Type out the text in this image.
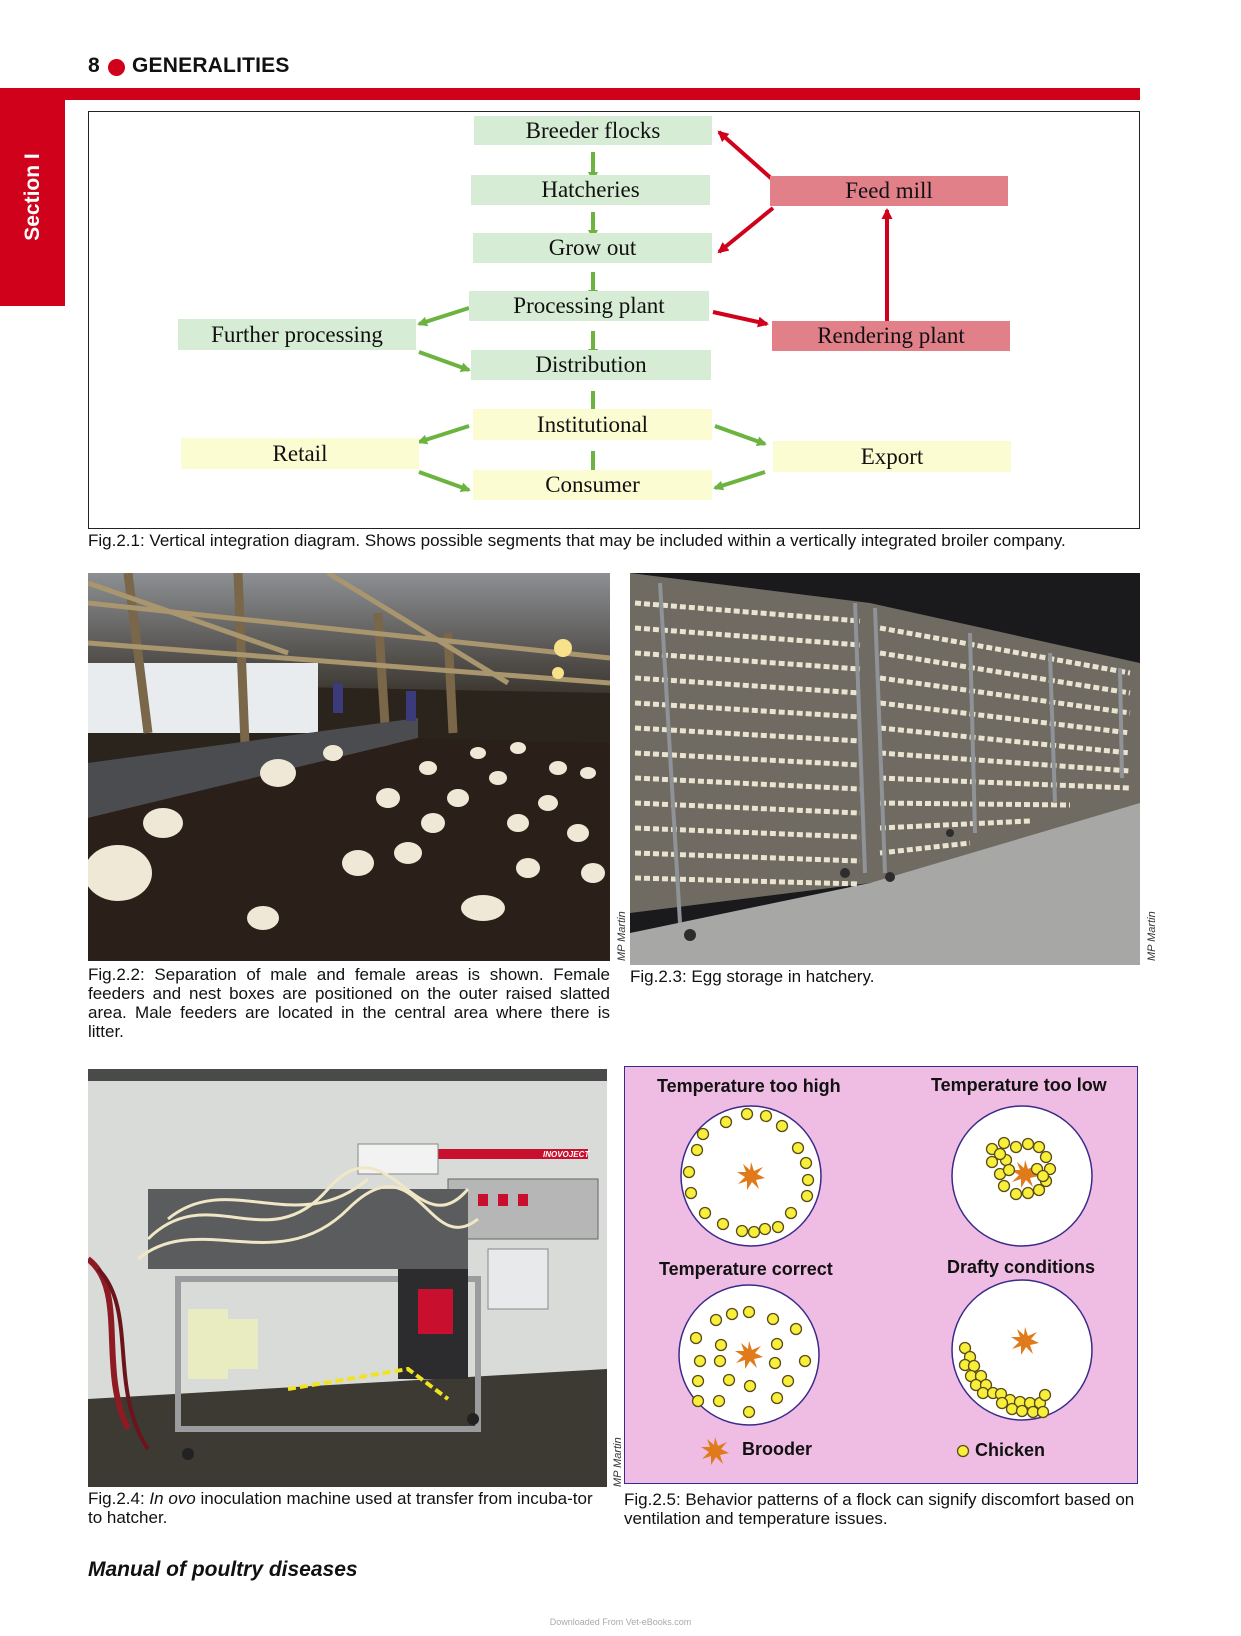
8 GENERALITIES
Section I
Breeder flocks
Hatcheries
Grow out
Processing plant
Distribution
Institutional
Consumer
Further processing
Retail
Feed mill
Rendering plant
Export
Fig.2.1: Vertical integration diagram. Shows possible segments that may be included within a vertically integrated broiler company.
MP Martin
Fig.2.2: Separation of male and female areas is shown. Female feeders and nest boxes are positioned on the outer raised slatted area. Male feeders are located in the central area where there is litter.
MP Martin
Fig.2.3: Egg storage in hatchery.
INOVOJECT
MP Martin
Fig.2.4: In ovo inoculation machine used at transfer from incuba-tor to hatcher.
Temperature too high	Temperature too low
Temperature correct	Drafty conditions
Brooder	Chicken
Fig.2.5: Behavior patterns of a flock can signify discomfort based on ventilation and temperature issues.
Manual of poultry diseases
Downloaded From Vet-eBooks.com
